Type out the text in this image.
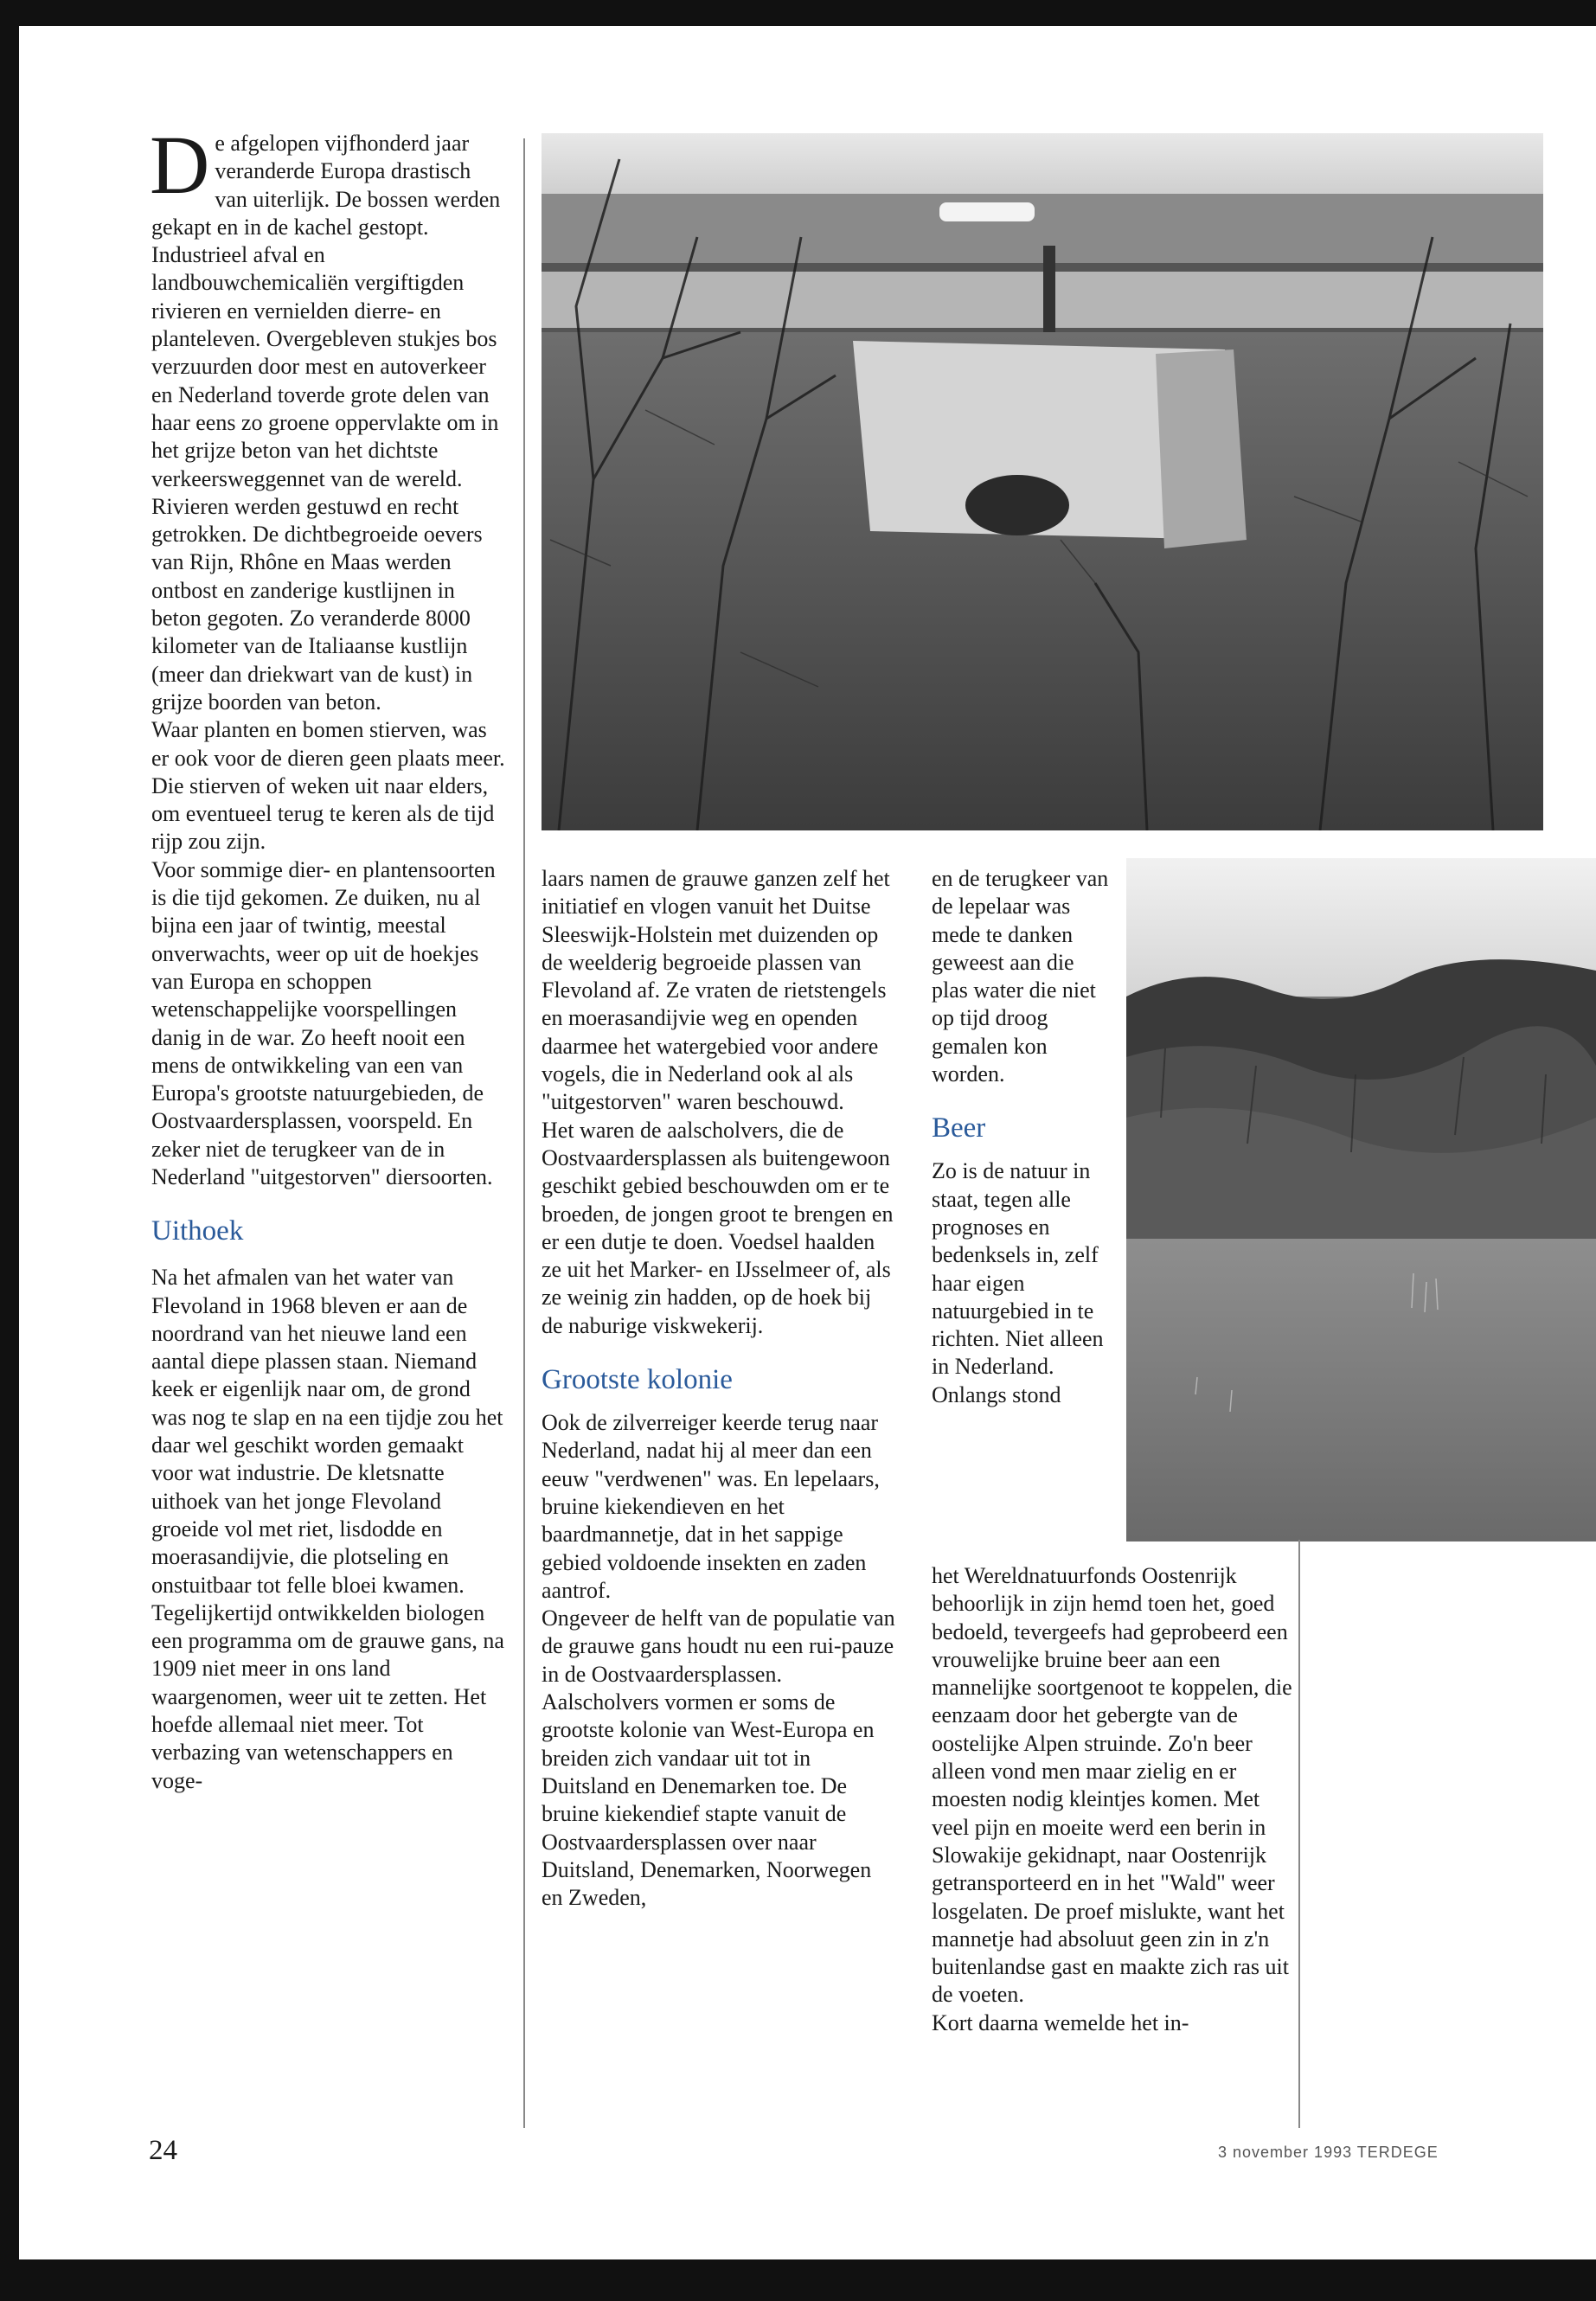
De afgelopen vijfhonderd jaar veranderde Europa drastisch van uiterlijk. De bossen werden gekapt en in de kachel gestopt. Industrieel afval en landbouwchemicaliën vergiftigden rivieren en vernielden dierre- en planteleven. Overgebleven stukjes bos verzuurden door mest en autoverkeer en Nederland toverde grote delen van haar eens zo groene oppervlakte om in het grijze beton van het dichtste verkeersweggennet van de wereld.

Rivieren werden gestuwd en recht getrokken. De dichtbegroeide oevers van Rijn, Rhône en Maas werden ontbost en zanderige kustlijnen in beton gegoten. Zo veranderde 8000 kilometer van de Italiaanse kustlijn (meer dan driekwart van de kust) in grijze boorden van beton.

Waar planten en bomen stierven, was er ook voor de dieren geen plaats meer. Die stierven of weken uit naar elders, om eventueel terug te keren als de tijd rijp zou zijn.

Voor sommige dier- en plantensoorten is die tijd gekomen. Ze duiken, nu al bijna een jaar of twintig, meestal onverwachts, weer op uit de hoekjes van Europa en schoppen wetenschappelijke voorspellingen danig in de war. Zo heeft nooit een mens de ontwikkeling van een van Europa's grootste natuurgebieden, de Oostvaardersplassen, voorspeld. En zeker niet de terugkeer van de in Nederland "uitgestorven" diersoorten.

Uithoek

Na het afmalen van het water van Flevoland in 1968 bleven er aan de noordrand van het nieuwe land een aantal diepe plassen staan. Niemand keek er eigenlijk naar om, de grond was nog te slap en na een tijdje zou het daar wel geschikt worden gemaakt voor wat industrie. De kletsnatte uithoek van het jonge Flevoland groeide vol met riet, lisdodde en moerasandijvie, die plotseling en onstuitbaar tot felle bloei kwamen.

Tegelijkertijd ontwikkelden biologen een programma om de grauwe gans, na 1909 niet meer in ons land waargenomen, weer uit te zetten. Het hoefde allemaal niet meer. Tot verbazing van wetenschappers en voge-

laars namen de grauwe ganzen zelf het initiatief en vlogen vanuit het Duitse Sleeswijk-Holstein met duizenden op de weelderig begroeide plassen van Flevoland af. Ze vraten de rietstengels en moerasandijvie weg en openden daarmee het watergebied voor andere vogels, die in Nederland ook al als "uitgestorven" waren beschouwd.

Het waren de aalscholvers, die de Oostvaardersplassen als buitengewoon geschikt gebied beschouwden om er te broeden, de jongen groot te brengen en er een dutje te doen. Voedsel haalden ze uit het Marker- en IJsselmeer of, als ze weinig zin hadden, op de hoek bij de naburige viskwekerij.

Grootste kolonie

Ook de zilverreiger keerde terug naar Nederland, nadat hij al meer dan een eeuw "verdwenen" was. En lepelaars, bruine kiekendieven en het baardmannetje, dat in het sappige gebied voldoende insekten en zaden aantrof.

Ongeveer de helft van de populatie van de grauwe gans houdt nu een rui-pauze in de Oostvaardersplassen. Aalscholvers vormen er soms de grootste kolonie van West-Europa en breiden zich vandaar uit tot in Duitsland en Denemarken toe. De bruine kiekendief stapte vanuit de Oostvaardersplassen over naar Duitsland, Denemarken, Noorwegen en Zweden,

en de terugkeer van de lepelaar was mede te danken geweest aan die plas water die niet op tijd droog gemalen kon worden.

Beer

Zo is de natuur in staat, tegen alle prognoses en bedenksels in, zelf haar eigen natuurgebied in te richten. Niet alleen in Nederland. Onlangs stond

het Wereldnatuurfonds Oostenrijk behoorlijk in zijn hemd toen het, goed bedoeld, tevergeefs had geprobeerd een vrouwelijke bruine beer aan een mannelijke soortgenoot te koppelen, die eenzaam door het gebergte van de oostelijke Alpen struinde. Zo'n beer alleen vond men maar zielig en er moesten nodig kleintjes komen. Met veel pijn en moeite werd een berin in Slowakije gekidnapt, naar Oostenrijk getransporteerd en in het "Wald" weer losgelaten. De proef mislukte, want het mannetje had absoluut geen zin in z'n buitenlandse gast en maakte zich ras uit de voeten.

Kort daarna wemelde het in-

24	3 november 1993 TERDEGE
